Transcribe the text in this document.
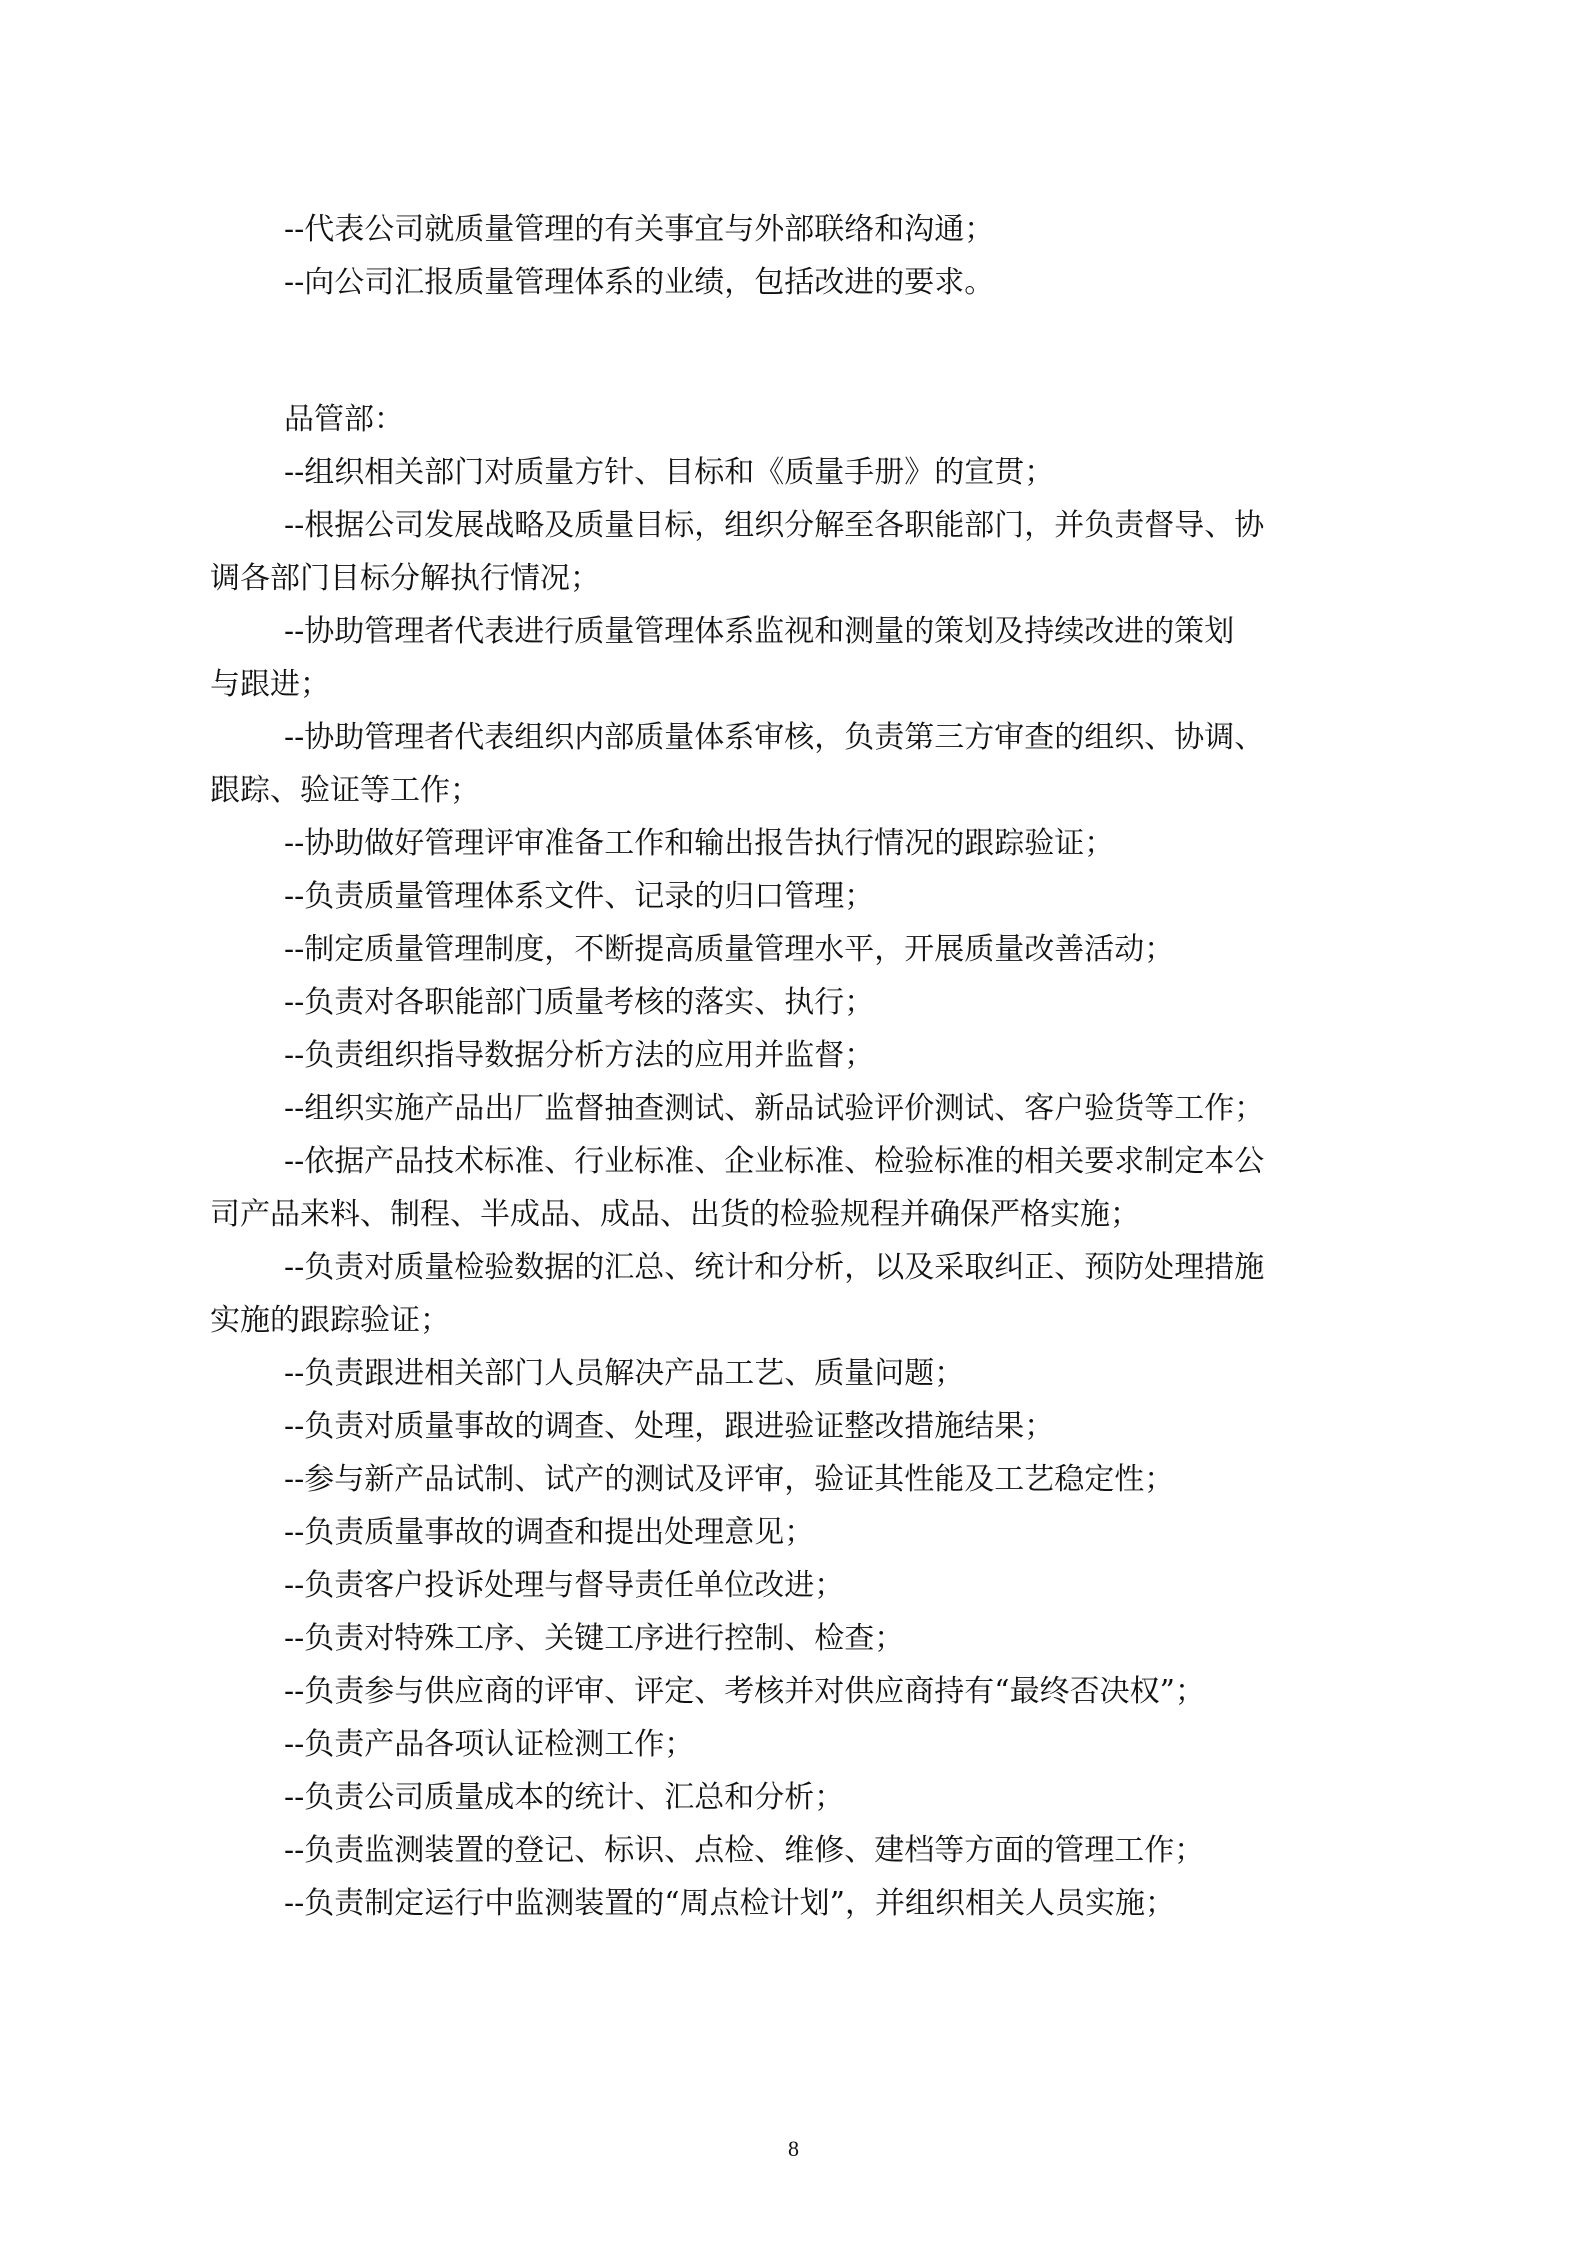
--代表公司就质量管理的有关事宜与外部联络和沟通；
--向公司汇报质量管理体系的业绩，包括改进的要求。
品管部：
--组织相关部门对质量方针、目标和《质量手册》的宣贯；
--根据公司发展战略及质量目标，组织分解至各职能部门，并负责督导、协
调各部门目标分解执行情况；
--协助管理者代表进行质量管理体系监视和测量的策划及持续改进的策划
与跟进；
--协助管理者代表组织内部质量体系审核，负责第三方审查的组织、协调、
跟踪、验证等工作；
--协助做好管理评审准备工作和输出报告执行情况的跟踪验证；
--负责质量管理体系文件、记录的归口管理；
--制定质量管理制度，不断提高质量管理水平，开展质量改善活动；
--负责对各职能部门质量考核的落实、执行；
--负责组织指导数据分析方法的应用并监督；
--组织实施产品出厂监督抽查测试、新品试验评价测试、客户验货等工作；
--依据产品技术标准、行业标准、企业标准、检验标准的相关要求制定本公
司产品来料、制程、半成品、成品、出货的检验规程并确保严格实施；
--负责对质量检验数据的汇总、统计和分析，以及采取纠正、预防处理措施
实施的跟踪验证；
--负责跟进相关部门人员解决产品工艺、质量问题；
--负责对质量事故的调查、处理，跟进验证整改措施结果；
--参与新产品试制、试产的测试及评审，验证其性能及工艺稳定性；
--负责质量事故的调查和提出处理意见；
--负责客户投诉处理与督导责任单位改进；
--负责对特殊工序、关键工序进行控制、检查；
--负责参与供应商的评审、评定、考核并对供应商持有“最终否决权”；
--负责产品各项认证检测工作；
--负责公司质量成本的统计、汇总和分析；
--负责监测装置的登记、标识、点检、维修、建档等方面的管理工作；
--负责制定运行中监测装置的“周点检计划”，并组织相关人员实施；
8
